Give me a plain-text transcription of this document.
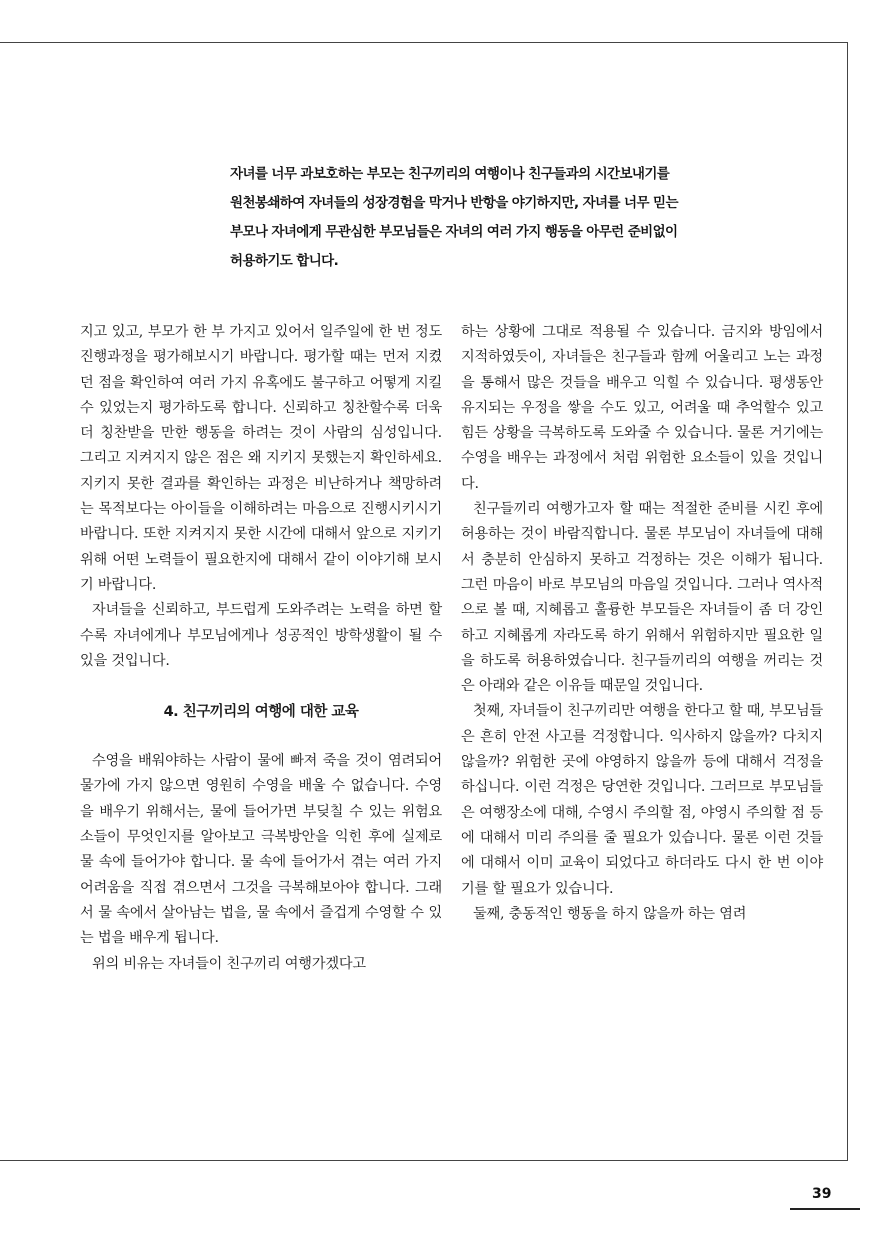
자녀를 너무 과보호하는 부모는 친구끼리의 여행이나 친구들과의 시간보내기를 원천봉쇄하여 자녀들의 성장경험을 막거나 반항을 야기하지만, 자녀를 너무 믿는 부모나 자녀에게 무관심한 부모님들은 자녀의 여러 가지 행동을 아무런 준비없이 허용하기도 합니다.

지고 있고, 부모가 한 부 가지고 있어서 일주일에 한 번 정도 진행과정을 평가해보시기 바랍니다. 평가할 때는 먼저 지켰던 점을 확인하여 여러 가지 유혹에도 불구하고 어떻게 지킬수 있었는지 평가하도록 합니다. 신뢰하고 칭찬할수록 더욱 더 칭찬받을 만한 행동을 하려는 것이 사람의 심성입니다. 그리고 지켜지지 않은 점은 왜 지키지 못했는지 확인하세요. 지키지 못한 결과를 확인하는 과정은 비난하거나 책망하려는 목적보다는 아이들을 이해하려는 마음으로 진행시키시기 바랍니다. 또한 지켜지지 못한 시간에 대해서 앞으로 지키기 위해 어떤 노력들이 필요한지에 대해서 같이 이야기해 보시기 바랍니다.

자녀들을 신뢰하고, 부드럽게 도와주려는 노력을 하면 할수록 자녀에게나 부모님에게나 성공적인 방학생활이 될 수 있을 것입니다.

4. 친구끼리의 여행에 대한 교육

수영을 배워야하는 사람이 물에 빠져 죽을 것이 염려되어 물가에 가지 않으면 영원히 수영을 배울 수 없습니다. 수영을 배우기 위해서는, 물에 들어가면 부딪칠 수 있는 위험요소들이 무엇인지를 알아보고 극복방안을 익힌 후에 실제로 물 속에 들어가야 합니다. 물 속에 들어가서 겪는 여러 가지 어려움을 직접 겪으면서 그것을 극복해보아야 합니다. 그래서 물 속에서 살아남는 법을, 물 속에서 즐겁게 수영할 수 있는 법을 배우게 됩니다.

위의 비유는 자녀들이 친구끼리 여행가겠다고

하는 상황에 그대로 적용될 수 있습니다. 금지와 방임에서 지적하였듯이, 자녀들은 친구들과 함께 어울리고 노는 과정을 통해서 많은 것들을 배우고 익힐 수 있습니다. 평생동안 유지되는 우정을 쌓을 수도 있고, 어려울 때 추억할수 있고 힘든 상황을 극복하도록 도와줄 수 있습니다. 물론 거기에는 수영을 배우는 과정에서 처럼 위험한 요소들이 있을 것입니다.

친구들끼리 여행가고자 할 때는 적절한 준비를 시킨 후에 허용하는 것이 바람직합니다. 물론 부모님이 자녀들에 대해서 충분히 안심하지 못하고 걱정하는 것은 이해가 됩니다. 그런 마음이 바로 부모님의 마음일 것입니다. 그러나 역사적으로 볼 때, 지혜롭고 훌륭한 부모들은 자녀들이 좀 더 강인하고 지혜롭게 자라도록 하기 위해서 위험하지만 필요한 일을 하도록 허용하였습니다. 친구들끼리의 여행을 꺼리는 것은 아래와 같은 이유들 때문일 것입니다.

첫째, 자녀들이 친구끼리만 여행을 한다고 할 때, 부모님들은 흔히 안전 사고를 걱정합니다. 익사하지 않을까? 다치지 않을까? 위험한 곳에 야영하지 않을까 등에 대해서 걱정을 하십니다. 이런 걱정은 당연한 것입니다. 그러므로 부모님들은 여행장소에 대해, 수영시 주의할 점, 야영시 주의할 점 등에 대해서 미리 주의를 줄 필요가 있습니다. 물론 이런 것들에 대해서 이미 교육이 되었다고 하더라도 다시 한 번 이야기를 할 필요가 있습니다.

둘째, 충동적인 행동을 하지 않을까 하는 염려

39
